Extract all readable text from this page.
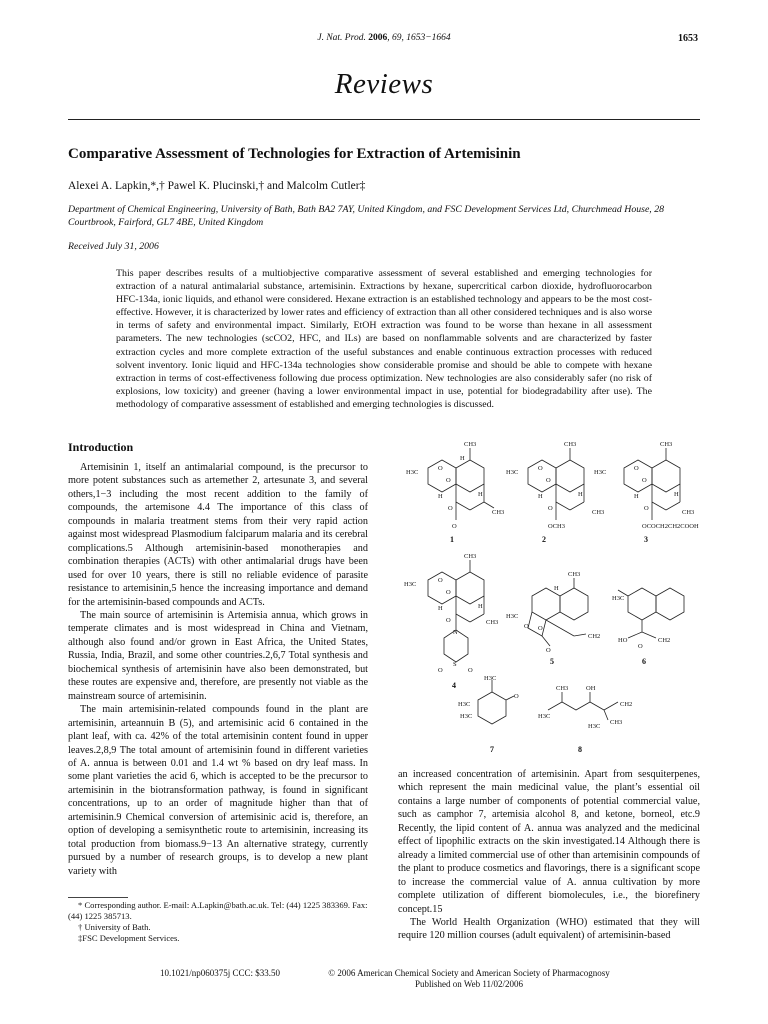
J. Nat. Prod. 2006, 69, 1653−1664	1653
Reviews
Comparative Assessment of Technologies for Extraction of Artemisinin
Alexei A. Lapkin,*,† Pawel K. Plucinski,† and Malcolm Cutler‡
Department of Chemical Engineering, University of Bath, Bath BA2 7AY, United Kingdom, and FSC Development Services Ltd, Churchmead House, 28 Courtbrook, Fairford, GL7 4BE, United Kingdom
Received July 31, 2006
This paper describes results of a multiobjective comparative assessment of several established and emerging technologies for extraction of a natural antimalarial substance, artemisinin. Extractions by hexane, supercritical carbon dioxide, hydrofluorocarbon HFC-134a, ionic liquids, and ethanol were considered. Hexane extraction is an established technology and appears to be the most cost-effective. However, it is characterized by lower rates and efficiency of extraction than all other considered techniques and is also worse in terms of safety and environmental impact. Similarly, EtOH extraction was found to be worse than hexane in all assessment parameters. The new technologies (scCO2, HFC, and ILs) are based on nonflammable solvents and are characterized by faster extraction cycles and more complete extraction of the useful substances and enable continuous extraction processes with reduced solvent inventory. Ionic liquid and HFC-134a technologies show considerable promise and should be able to compete with hexane extraction in terms of cost-effectiveness following due process optimization. New technologies are also considerably safer (no risk of explosions, low toxicity) and greener (having a lower environmental impact in use, potential for biodegradability after use). The methodology of comparative assessment of established and emerging technologies is discussed.
Introduction

Artemisinin 1, itself an antimalarial compound, is the precursor to more potent substances such as artemether 2, artesunate 3, and several others,1−3 including the most recent addition to the family of compounds, the artemisone 4.4 The importance of this class of compounds in malaria treatment stems from their very rapid action against most widespread Plasmodium falciparum malaria and its cerebral complications.5 Although artemisinin-based monotherapies and combination therapies (ACTs) with other antimalarial drugs have been used for over 10 years, there is still no reliable evidence of parasite resistance to artemisinin,5 hence the increasing importance and demand for the artemisinin-based compounds and ACTs.

The main source of artemisinin is Artemisia annua, which grows in temperate climates and is most widespread in China and Vietnam, although also found and/or grown in East Africa, the United States, Russia, India, Brazil, and some other countries.2,6,7 Total synthesis and biochemical synthesis of artemisinin have also been demonstrated, but these routes are expensive and, therefore, are presently not viable as the mainstream source of artemisinin.

The main artemisinin-related compounds found in the plant are artemisinin, arteannuin B (5), and artemisinic acid 6 contained in the plant leaf, with ca. 42% of the total artemisinin content found in upper leaves.2,8,9 The total amount of artemisinin found in different varieties of A. annua is between 0.01 and 1.4 wt % based on dry leaf mass. In some plant varieties the acid 6, which is accepted to be the precursor to artemisinin in the biotransformation pathway, is found in significant concentrations, up to an order of magnitude higher than that of artemisinin.9 Chemical conversion of artemisinic acid is, therefore, an option of developing a semisynthetic route to artemisinin, increasing its total production from biomass.9−13 An alternative strategy, currently pursued by a number of research groups, is to develop a new plant variety with

* Corresponding author. E-mail: A.Lapkin@bath.ac.uk. Tel: (44) 1225 383369. Fax: (44) 1225 385713.
† University of Bath.
‡FSC Development Services.
CH3
H3C
O
O
H
H
H
O
O
CH3
1
CH3
H3C
O
O
H	H
O
CH3
OCH3
2
CH3
H3C
O
O
H	H
O
CH3
OCOCH2CH2COOH
3
CH3
H3C
O
O
H	H
O	CH3
N
S
O	O
4
CH3
H3C
H
O O
O
CH2
5
H3C
HO
O
CH2
6
H3C
H3C
H3C
O
7
CH3	OH
H3C
H3C
CH3
CH2
8

an increased concentration of artemisinin. Apart from sesquiterpenes, which represent the main medicinal value, the plant’s essential oil contains a large number of components of potential commercial value, such as camphor 7, artemisia alcohol 8, and ketone, borneol, etc.9 Recently, the lipid content of A. annua was analyzed and the medicinal effect of lipophilic extracts on the skin investigated.14 Although there is already a limited commercial use of other than artemisinin compounds of the plant to produce cosmetics and flavorings, there is a significant scope to increase the commercial value of A. annua cultivation by more complete utilization of different biomolecules, i.e., the biorefinery concept.15

The World Health Organization (WHO) estimated that they will require 120 million courses (adult equivalent) of artemisinin-based

10.1021/np060375j CCC: $33.50	© 2006 American Chemical Society and American Society of Pharmacognosy
Published on Web 11/02/2006
